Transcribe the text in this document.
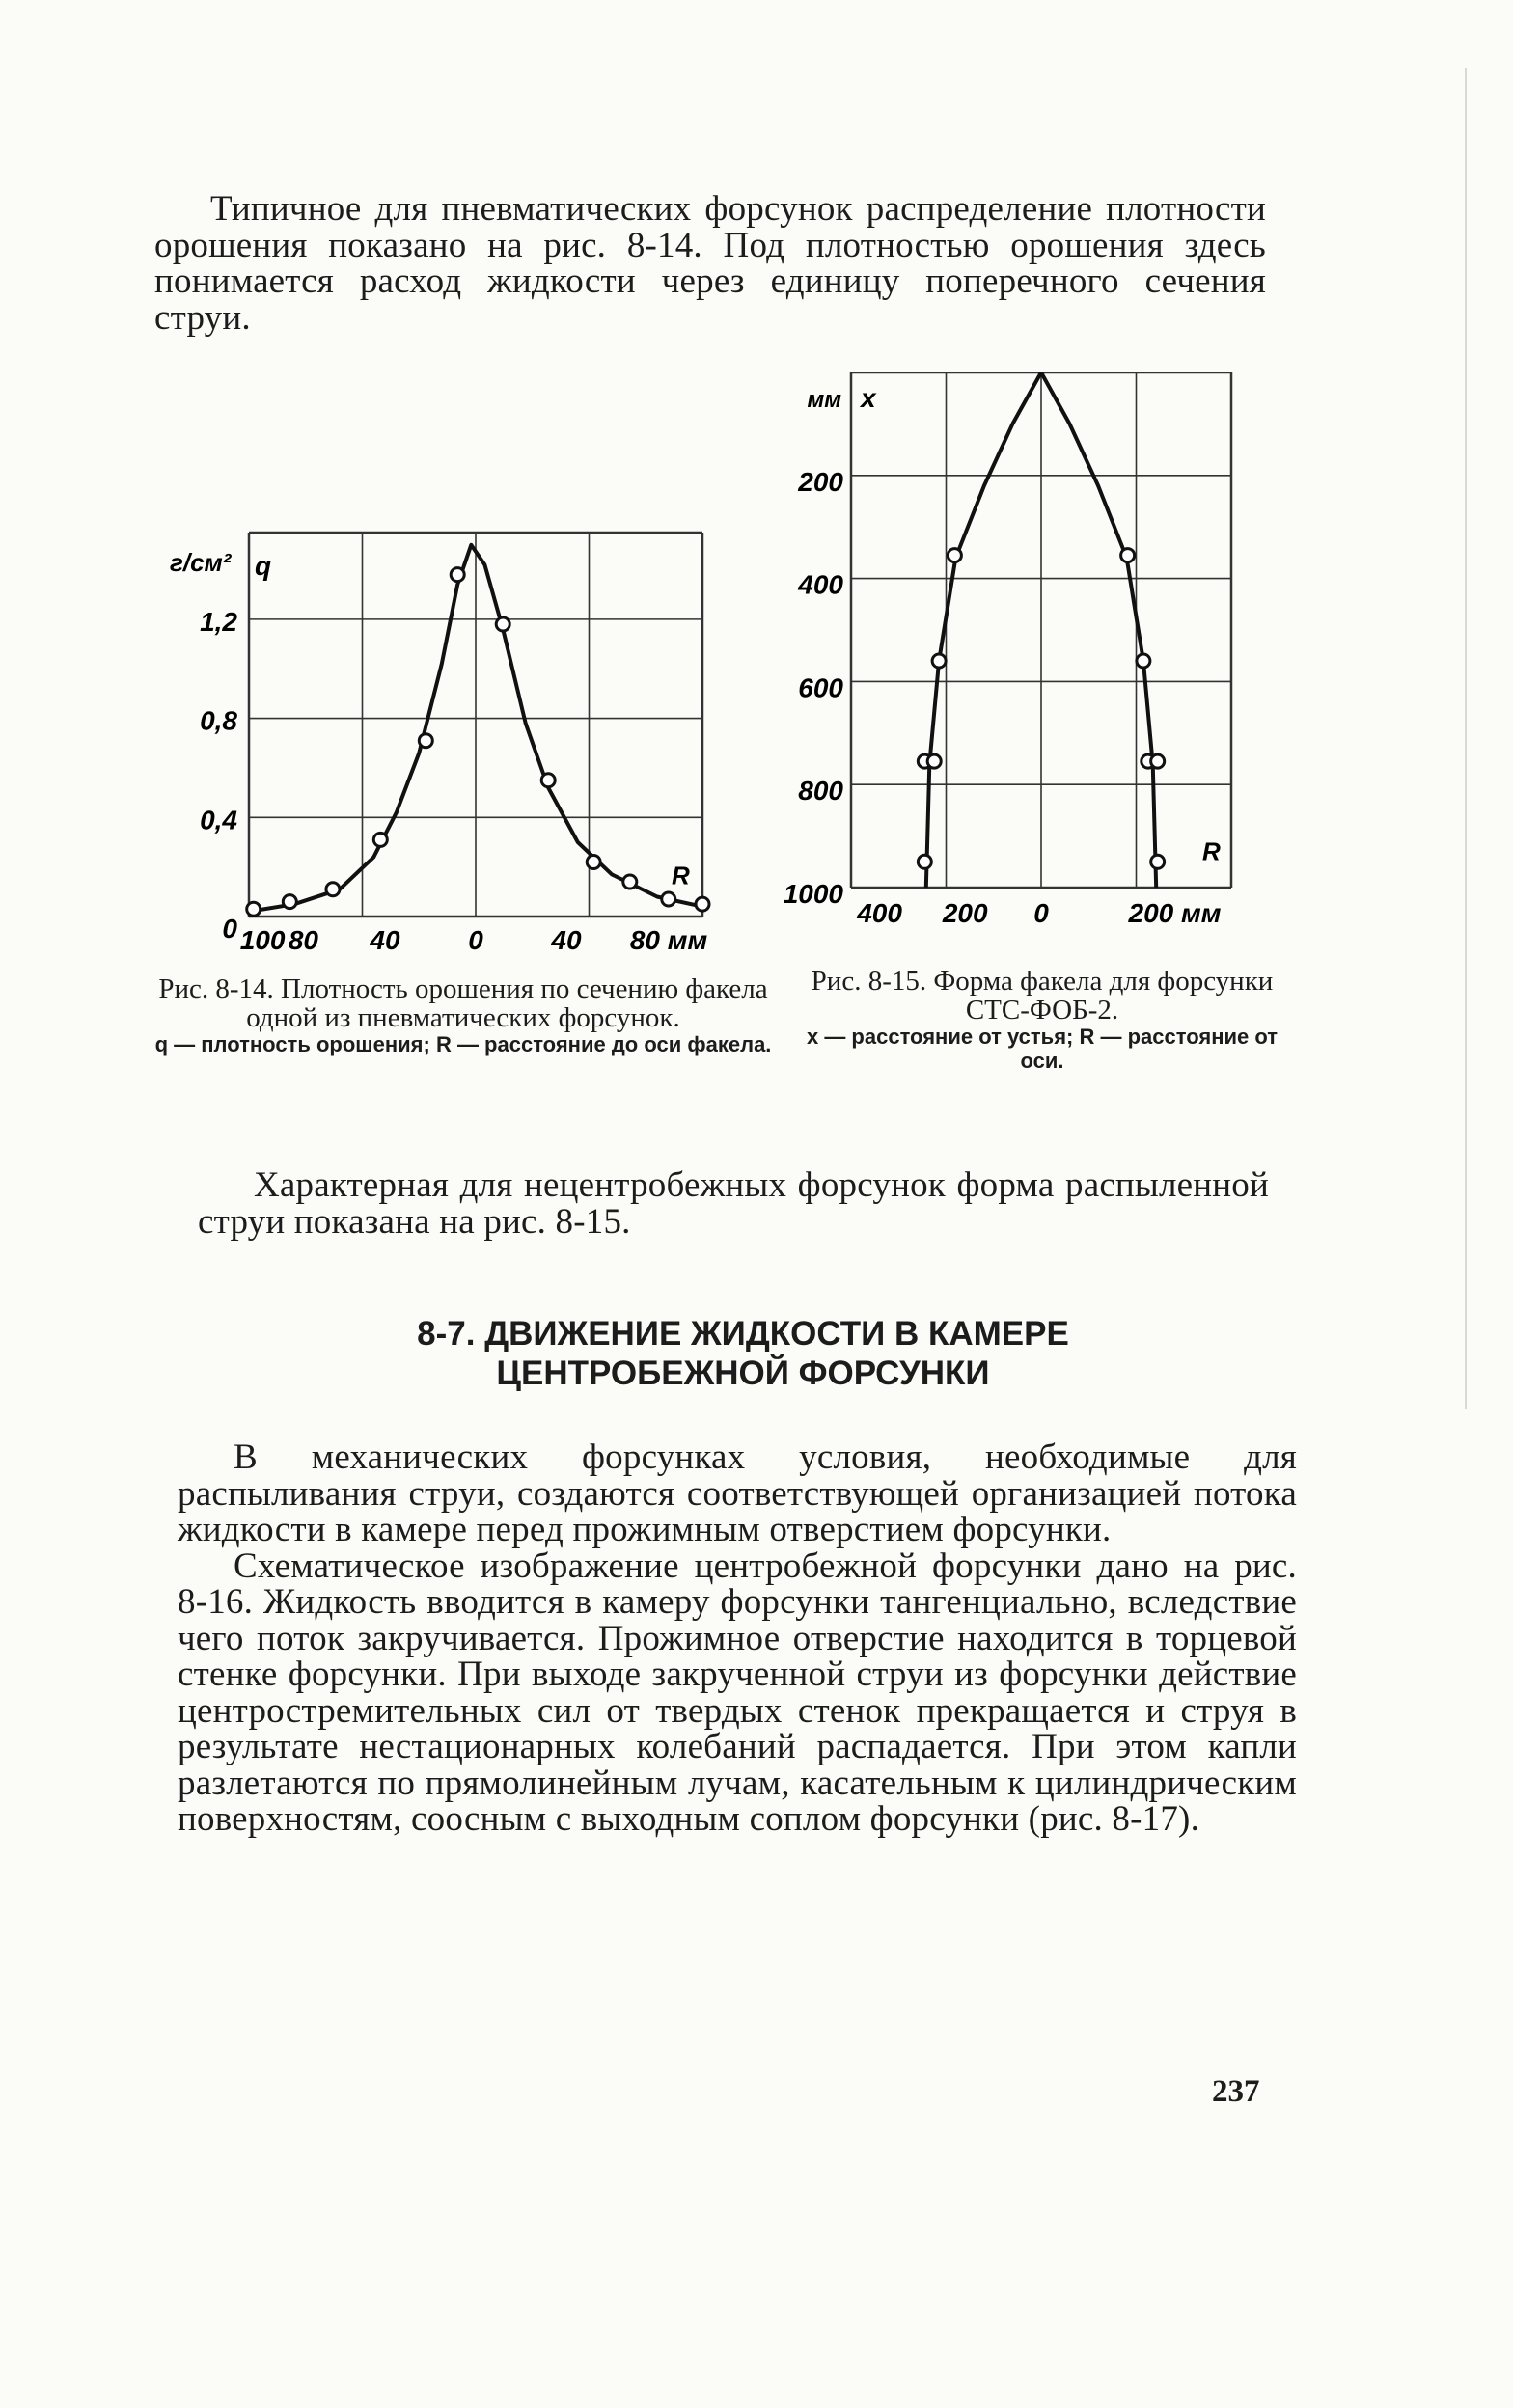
Типичное для пневматических форсунок распределение плотности орошения показано на рис. 8-14. Под плотностью орошения здесь понимается расход жидкости через единицу поперечного сечения струи.

0
0,4
0,8
1,2
г/см² q
R
100 80 40	0	40 80 мм
Рис. 8-14. Плотность орошения по сечению факела одной из пневматических форсунок.
q — плотность орошения; R — расстояние до оси факела.
200
400
600
800
1000
мм x
R
400 200 0	200 мм
Рис. 8-15. Форма факела для форсунки СТС-ФОБ-2.
x — расстояние от устья; R — расстояние от оси.

Характерная для нецентробежных форсунок форма распыленной струи показана на рис. 8-15.

8-7. ДВИЖЕНИЕ ЖИДКОСТИ В КАМЕРЕ
ЦЕНТРОБЕЖНОЙ ФОРСУНКИ

В механических форсунках условия, необходимые для распыливания струи, создаются соответствующей организацией потока жидкости в камере перед прожимным отверстием форсунки.

Схематическое изображение центробежной форсунки дано на рис. 8-16. Жидкость вводится в камеру форсунки тангенциально, вследствие чего поток закручивается. Прожимное отверстие находится в торцевой стенке форсунки. При выходе закрученной струи из форсунки действие центростремительных сил от твердых стенок прекращается и струя в результате нестационарных колебаний распадается. При этом капли разлетаются по прямолинейным лучам, касательным к цилиндрическим поверхностям, соосным с выходным соплом форсунки (рис. 8-17).

237
